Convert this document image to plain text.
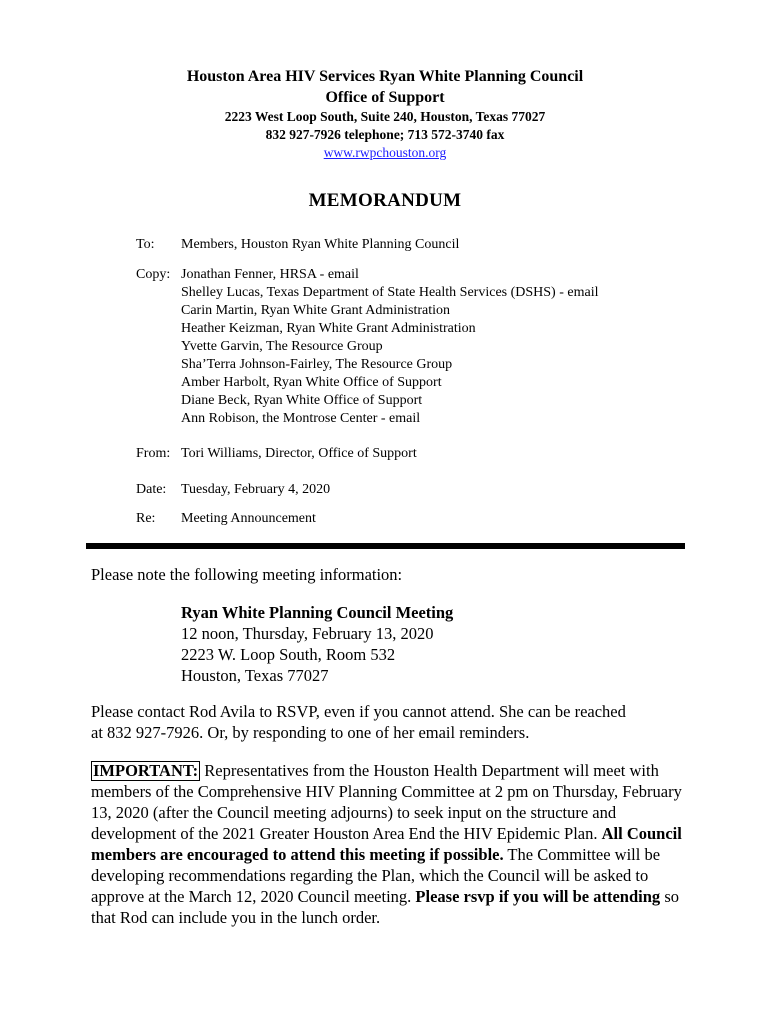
Houston Area HIV Services Ryan White Planning Council
Office of Support
2223 West Loop South, Suite 240, Houston, Texas 77027
832 927-7926 telephone; 713 572-3740 fax
www.rwpchouston.org
MEMORANDUM
To: Members, Houston Ryan White Planning Council
Copy: Jonathan Fenner, HRSA - email
Shelley Lucas, Texas Department of State Health Services (DSHS) - email
Carin Martin, Ryan White Grant Administration
Heather Keizman, Ryan White Grant Administration
Yvette Garvin, The Resource Group
Sha’Terra Johnson-Fairley, The Resource Group
Amber Harbolt, Ryan White Office of Support
Diane Beck, Ryan White Office of Support
Ann Robison, the Montrose Center - email
From: Tori Williams, Director, Office of Support
Date: Tuesday, February 4, 2020
Re: Meeting Announcement
Please note the following meeting information:
Ryan White Planning Council Meeting
12 noon, Thursday, February 13, 2020
2223 W. Loop South, Room 532
Houston, Texas 77027
Please contact Rod Avila to RSVP, even if you cannot attend. She can be reached
at 832 927-7926. Or, by responding to one of her email reminders.
IMPORTANT: Representatives from the Houston Health Department will meet with members of the Comprehensive HIV Planning Committee at 2 pm on Thursday, February 13, 2020 (after the Council meeting adjourns) to seek input on the structure and development of the 2021 Greater Houston Area End the HIV Epidemic Plan. All Council members are encouraged to attend this meeting if possible. The Committee will be developing recommendations regarding the Plan, which the Council will be asked to approve at the March 12, 2020 Council meeting. Please rsvp if you will be attending so that Rod can include you in the lunch order.
